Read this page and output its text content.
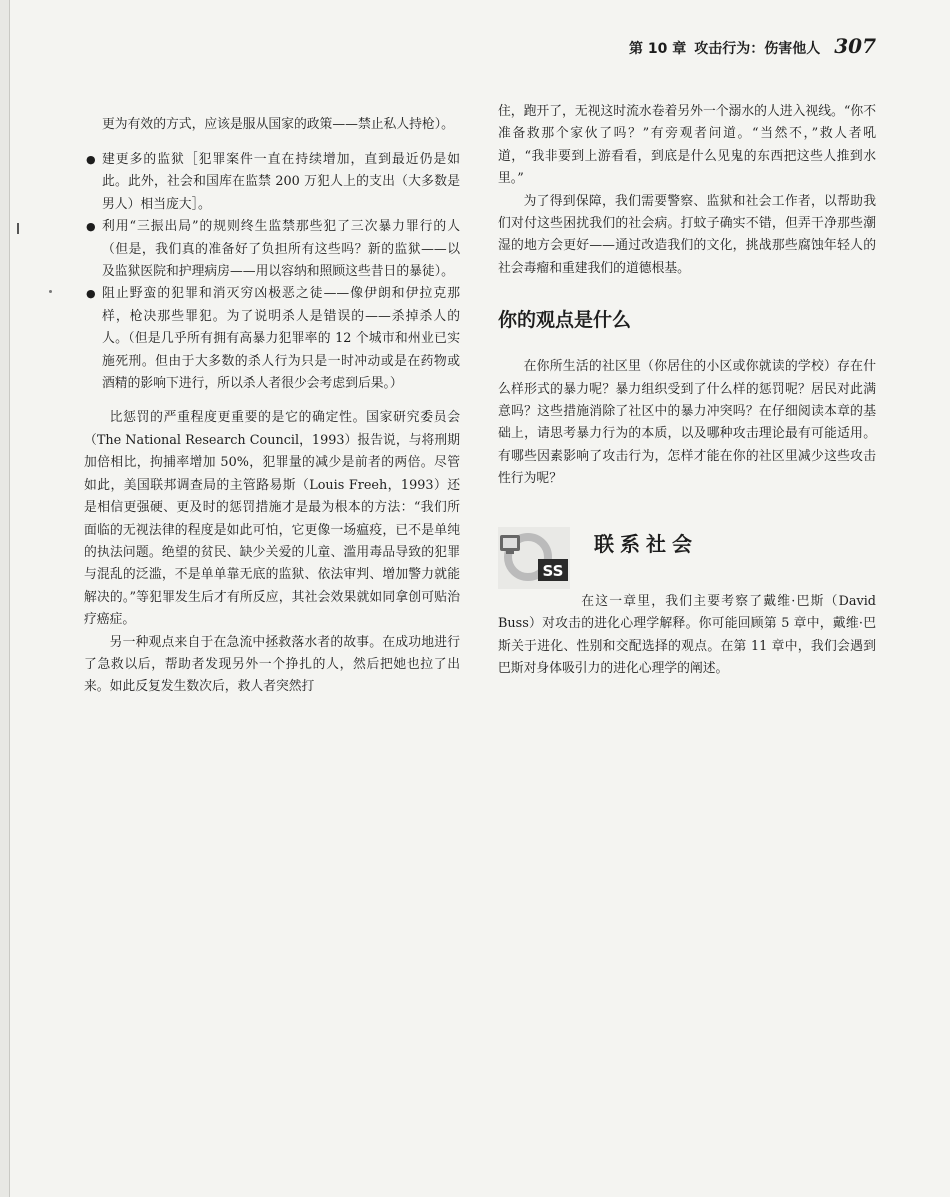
第 10 章 攻击行为：伤害他人 307

更为有效的方式，应该是服从国家的政策——禁止私人持枪）。

● 建更多的监狱［犯罪案件一直在持续增加，直到最近仍是如此。此外，社会和国库在监禁 200 万犯人上的支出（大多数是男人）相当庞大］。
● 利用“三振出局”的规则终生监禁那些犯了三次暴力罪行的人（但是，我们真的准备好了负担所有这些吗？新的监狱——以及监狱医院和护理病房——用以容纳和照顾这些昔日的暴徒）。
● 阻止野蛮的犯罪和消灭穷凶极恶之徒——像伊朗和伊拉克那样，枪决那些罪犯。为了说明杀人是错误的——杀掉杀人的人。（但是几乎所有拥有高暴力犯罪率的 12 个城市和州业已实施死刑。但由于大多数的杀人行为只是一时冲动或是在药物或酒精的影响下进行，所以杀人者很少会考虑到后果。）

比惩罚的严重程度更重要的是它的确定性。国家研究委员会（The National Research Council，1993）报告说，与将刑期加倍相比，拘捕率增加 50%，犯罪量的减少是前者的两倍。尽管如此，美国联邦调查局的主管路易斯（Louis Freeh，1993）还是相信更强硬、更及时的惩罚措施才是最为根本的方法：“我们所面临的无视法律的程度是如此可怕，它更像一场瘟疫，已不是单纯的执法问题。绝望的贫民、缺少关爱的儿童、滥用毒品导致的犯罪与混乱的泛滥，不是单单靠无底的监狱、依法审判、增加警力就能解决的。”等犯罪发生后才有所反应，其社会效果就如同拿创可贴治疗癌症。

另一种观点来自于在急流中拯救落水者的故事。在成功地进行了急救以后，帮助者发现另外一个挣扎的人，然后把她也拉了出来。如此反复发生数次后，救人者突然打

住，跑开了，无视这时流水卷着另外一个溺水的人进入视线。“你不准备救那个家伙了吗？”有旁观者问道。“当然不，”救人者吼道，“我非要到上游看看，到底是什么见鬼的东西把这些人推到水里。”

为了得到保障，我们需要警察、监狱和社会工作者，以帮助我们对付这些困扰我们的社会病。打蚊子确实不错，但弄干净那些潮湿的地方会更好——通过改造我们的文化，挑战那些腐蚀年轻人的社会毒瘤和重建我们的道德根基。

你的观点是什么

在你所生活的社区里（你居住的小区或你就读的学校）存在什么样形式的暴力呢？暴力组织受到了什么样的惩罚呢？居民对此满意吗？这些措施消除了社区中的暴力冲突吗？在仔细阅读本章的基础上，请思考暴力行为的本质，以及哪种攻击理论最有可能适用。有哪些因素影响了攻击行为，怎样才能在你的社区里减少这些攻击性行为呢？

SS
联系社会

在这一章里，我们主要考察了戴维·巴斯（David Buss）对攻击的进化心理学解释。你可能回顾第 5 章中，戴维·巴斯关于进化、性别和交配选择的观点。在第 11 章中，我们会遇到巴斯对身体吸引力的进化心理学的阐述。
